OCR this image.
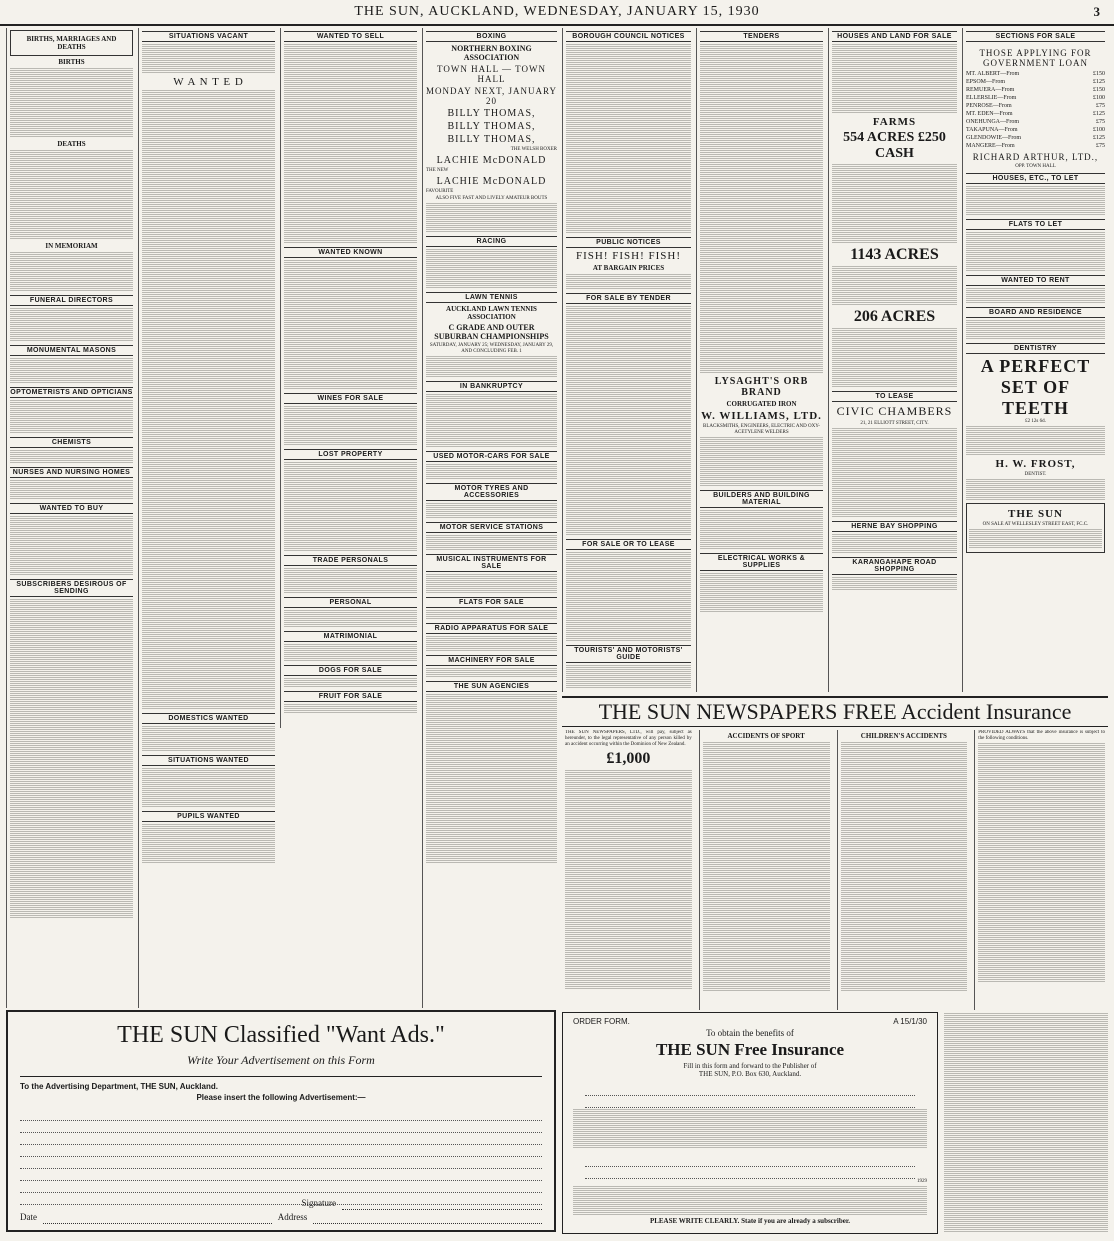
THE SUN, AUCKLAND, WEDNESDAY, JANUARY 15, 1930	3
BIRTHS, MARRIAGES AND DEATHS
BIRTHS
DEATHS
IN MEMORIAM
FUNERAL DIRECTORS
MONUMENTAL MASONS
OPTOMETRISTS AND OPTICIANS
CHEMISTS
NURSES AND NURSING HOMES
WANTED TO BUY
SUBSCRIBERS DESIROUS OF SENDING
SITUATIONS VACANT
W A N T E D
DOMESTICS WANTED
SITUATIONS WANTED
PUPILS WANTED
WANTED TO SELL
WANTED KNOWN
WINES FOR SALE
LOST PROPERTY
TRADE PERSONALS
PERSONAL
MATRIMONIAL
DOGS FOR SALE
FRUIT FOR SALE
BOXING
NORTHERN BOXING ASSOCIATION
TOWN HALL — TOWN HALL
MONDAY NEXT, JANUARY 20
BILLY THOMAS,
BILLY THOMAS,
BILLY THOMAS,
THE WELSH BOXER
LACHIE McDONALD
THE NEW
LACHIE McDONALD
FAVOURITE
ALSO FIVE FAST AND LIVELY AMATEUR BOUTS
RACING
LAWN TENNIS
AUCKLAND LAWN TENNIS ASSOCIATION
C GRADE AND OUTER SUBURBAN CHAMPIONSHIPS
SATURDAY, JANUARY 25; WEDNESDAY, JANUARY 29, AND CONCLUDING FEB. 1
IN BANKRUPTCY
USED MOTOR-CARS FOR SALE
MOTOR TYRES AND ACCESSORIES
MOTOR SERVICE STATIONS
MUSICAL INSTRUMENTS FOR SALE
FLATS FOR SALE
RADIO APPARATUS FOR SALE
MACHINERY FOR SALE
THE SUN AGENCIES
BOROUGH COUNCIL NOTICES
PUBLIC NOTICES
FISH! FISH! FISH!
AT BARGAIN PRICES
FOR SALE BY TENDER
FOR SALE OR TO LEASE
TOURISTS' AND MOTORISTS' GUIDE
TENDERS
LYSAGHT'S ORB BRAND
CORRUGATED IRON
W. WILLIAMS, LTD.
BLACKSMITHS, ENGINEERS, ELECTRIC AND OXY-ACETYLENE WELDERS
BUILDERS AND BUILDING MATERIAL
ELECTRICAL WORKS & SUPPLIES
HOUSES AND LAND FOR SALE
FARMS
554 ACRES £250 CASH
1143 ACRES
206 ACRES
TO LEASE
CIVIC CHAMBERS
21, 21 ELLIOTT STREET, CITY.
HERNE BAY SHOPPING
KARANGAHAPE ROAD SHOPPING
SECTIONS FOR SALE
THOSE APPLYING FOR GOVERNMENT LOAN
MT. ALBERT—From	£150
EPSOM—From	£125
REMUERA—From	£150
ELLERSLIE—From	£100
PENROSE—From	£75
MT. EDEN—From	£125
ONEHUNGA—From	£75
TAKAPUNA—From	£100
GLENDOWIE—From	£125
MANGERE—From	£75
RICHARD ARTHUR, LTD.,
OPP. TOWN HALL
HOUSES, ETC., TO LET
FLATS TO LET
WANTED TO RENT
BOARD AND RESIDENCE
DENTISTRY
A PERFECT SET OF TEETH
£2 12s 6d.
H. W. FROST,
DENTIST.
THE SUN
ON SALE AT WELLESLEY STREET EAST, FC.C.
THE SUN NEWSPAPERS FREE Accident Insurance
THE SUN NEWSPAPERS, LTD., will pay, subject as hereunder, to the legal representative of any person killed by an accident occurring within the Dominion of New Zealand.
£1,000
ACCIDENTS OF SPORT	CHILDREN'S ACCIDENTS	PROVIDED ALWAYS that the above insurance is subject to the following conditions.
ORDER FORM.	A 15/1/30
To obtain the benefits of
THE SUN Free Insurance
Fill in this form and forward to the Publisher of
THE SUN, P.O. Box 630, Auckland.
1929
PLEASE WRITE CLEARLY. State if you are already a subscriber.
THE SUN Classified "Want Ads."
Write Your Advertisement on this Form
To the Advertising Department, THE SUN, Auckland.
Please insert the following Advertisement:—
Signature
Date	Address
